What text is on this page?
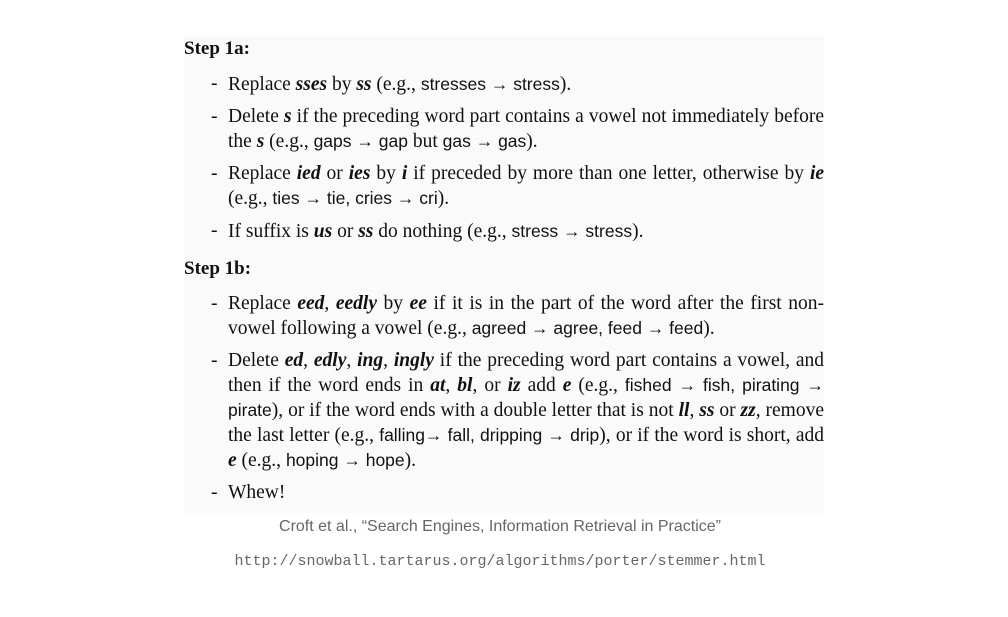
Step 1a:
- Replace sses by ss (e.g., stresses → stress).
- Delete s if the preceding word part contains a vowel not immediately before the s (e.g., gaps → gap but gas → gas).
- Replace ied or ies by i if preceded by more than one letter, otherwise by ie (e.g., ties → tie, cries → cri).
- If suffix is us or ss do nothing (e.g., stress → stress).
Step 1b:
- Replace eed, eedly by ee if it is in the part of the word after the first non-vowel following a vowel (e.g., agreed → agree, feed → feed).
- Delete ed, edly, ing, ingly if the preceding word part contains a vowel, and then if the word ends in at, bl, or iz add e (e.g., fished → fish, pirating → pirate), or if the word ends with a double letter that is not ll, ss or zz, remove the last letter (e.g., falling→ fall, dripping → drip), or if the word is short, add e (e.g., hoping → hope).
- Whew!
Croft et al., “Search Engines, Information Retrieval in Practice”
http://snowball.tartarus.org/algorithms/porter/stemmer.html
